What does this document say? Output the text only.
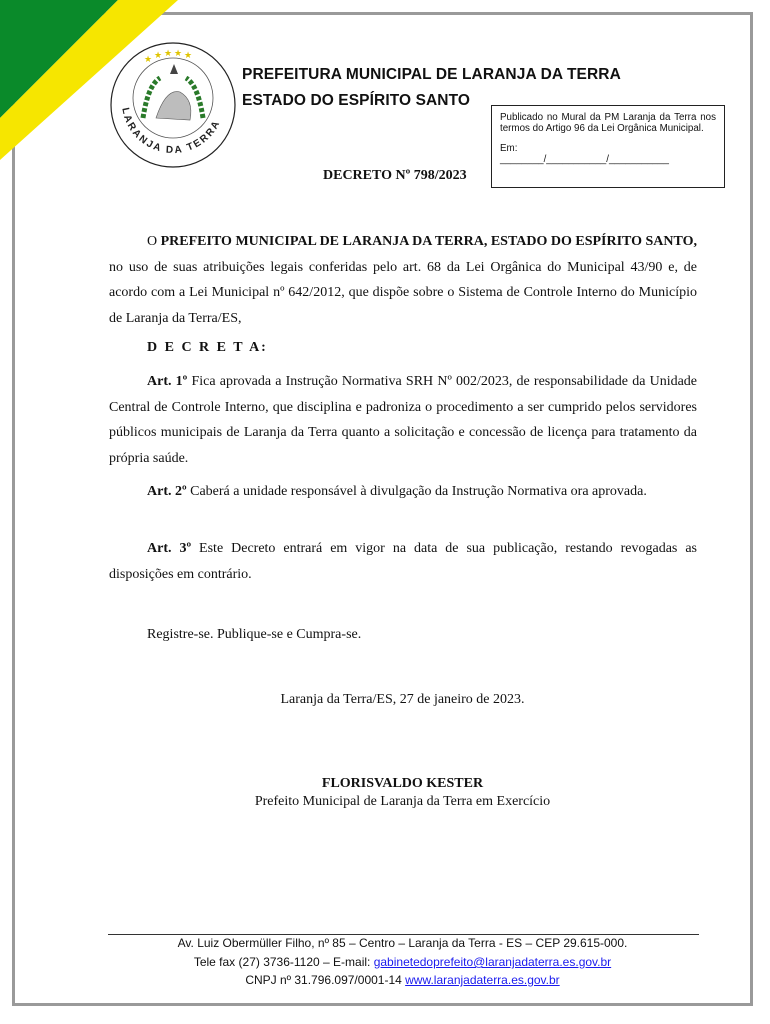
★ ★ ★ ★ ★
LARANJA DA TERRA
PREFEITURA MUNICIPAL DE LARANJA DA TERRA
ESTADO DO ESPÍRITO SANTO
Publicado no Mural da PM Laranja da Terra nos termos do Artigo 96 da Lei Orgânica Municipal.
Em:
________/___________/___________
DECRETO Nº 798/2023
O PREFEITO MUNICIPAL DE LARANJA DA TERRA, ESTADO DO ESPÍRITO SANTO, no uso de suas atribuições legais conferidas pelo art. 68 da Lei Orgânica do Municipal 43/90 e, de acordo com a Lei Municipal nº 642/2012, que dispõe sobre o Sistema de Controle Interno do Município de Laranja da Terra/ES,
D E C R E T A:
Art. 1º Fica aprovada a Instrução Normativa SRH Nº 002/2023, de responsabilidade da Unidade Central de Controle Interno, que disciplina e padroniza o procedimento a ser cumprido pelos servidores públicos municipais de Laranja da Terra quanto a solicitação e concessão de licença para tratamento da própria saúde.
Art. 2º Caberá a unidade responsável à divulgação da Instrução Normativa ora aprovada.
Art. 3º Este Decreto entrará em vigor na data de sua publicação, restando revogadas as disposições em contrário.
Registre-se. Publique-se e Cumpra-se.
Laranja da Terra/ES, 27 de janeiro de 2023.
FLORISVALDO KESTER
Prefeito Municipal de Laranja da Terra em Exercício
Av. Luiz Obermüller Filho, nº 85 – Centro – Laranja da Terra - ES – CEP 29.615-000.
Tele fax (27) 3736-1120 – E-mail: gabinetedoprefeito@laranjadaterra.es.gov.br
CNPJ nº 31.796.097/0001-14 www.laranjadaterra.es.gov.br
